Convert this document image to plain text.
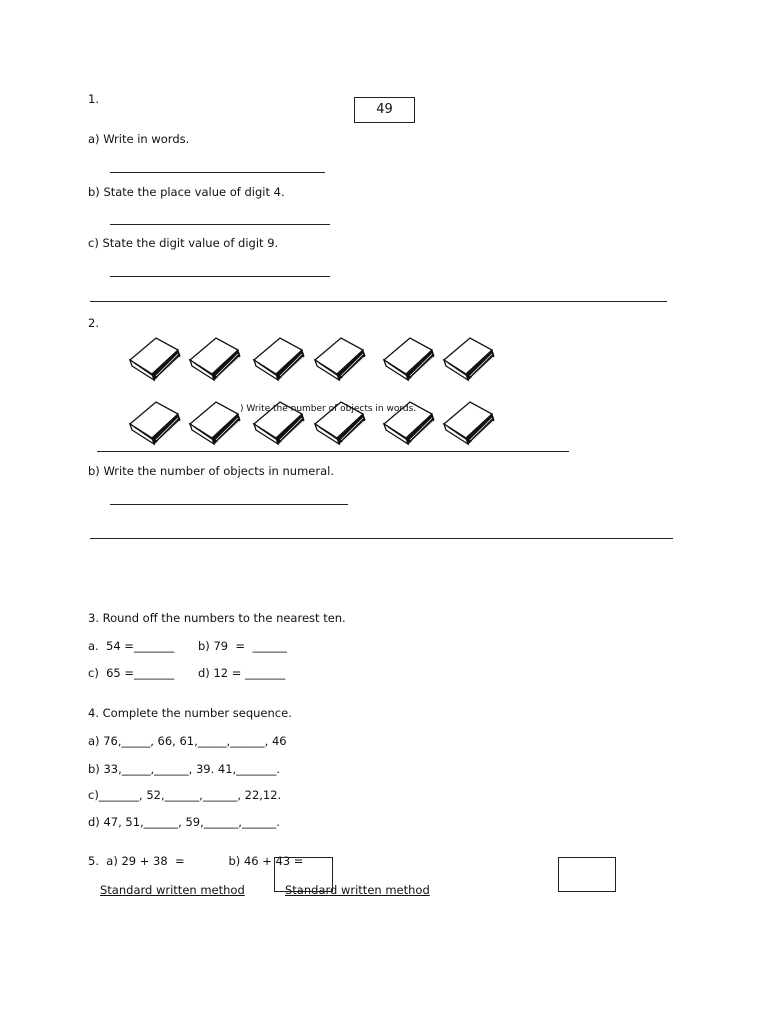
1.
49
a) Write in words.
b) State the place value of digit 4.
c) State the digit value of digit 9.
2.
) Write the number of objects in words.
b) Write the number of objects in numeral.
3. Round off the numbers to the nearest ten.
a.  54 =_______ b) 79  =  ______
c)  65 =_______ d) 12 = _______
4. Complete the number sequence.
a) 76,_____, 66, 61,_____,______, 46
b) 33,_____,______, 39. 41,_______.
c)_______, 52,______,______, 22,12.
d) 47, 51,______, 59,______,______.
5.  a) 29 + 38  =            b) 46 + 43 =
Standard written method	Standard written method
